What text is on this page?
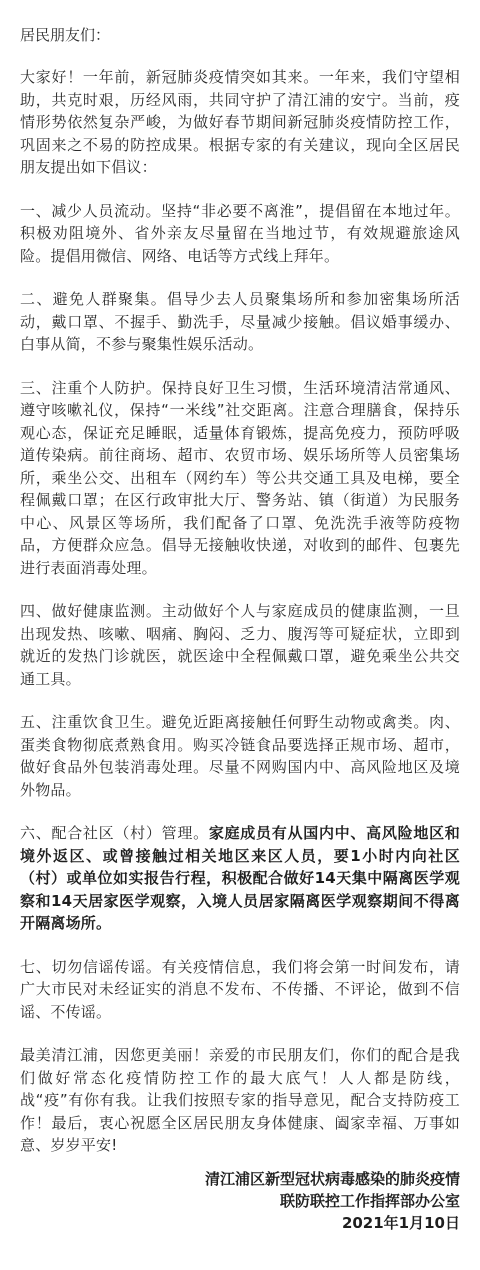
居民朋友们：

大家好！一年前，新冠肺炎疫情突如其来。一年来，我们守望相助，共克时艰，历经风雨，共同守护了清江浦的安宁。当前，疫情形势依然复杂严峻，为做好春节期间新冠肺炎疫情防控工作，巩固来之不易的防控成果。根据专家的有关建议，现向全区居民朋友提出如下倡议：

一、减少人员流动。坚持“非必要不离淮”，提倡留在本地过年。积极劝阻境外、省外亲友尽量留在当地过节，有效规避旅途风险。提倡用微信、网络、电话等方式线上拜年。

二、避免人群聚集。倡导少去人员聚集场所和参加密集场所活动，戴口罩、不握手、勤洗手，尽量减少接触。倡议婚事缓办、白事从简，不参与聚集性娱乐活动。

三、注重个人防护。保持良好卫生习惯，生活环境清洁常通风、遵守咳嗽礼仪，保持“一米线”社交距离。注意合理膳食，保持乐观心态，保证充足睡眠，适量体育锻炼，提高免疫力，预防呼吸道传染病。前往商场、超市、农贸市场、娱乐场所等人员密集场所，乘坐公交、出租车（网约车）等公共交通工具及电梯，要全程佩戴口罩；在区行政审批大厅、警务站、镇（街道）为民服务中心、风景区等场所，我们配备了口罩、免洗洗手液等防疫物品，方便群众应急。倡导无接触收快递，对收到的邮件、包裹先进行表面消毒处理。

四、做好健康监测。主动做好个人与家庭成员的健康监测，一旦出现发热、咳嗽、咽痛、胸闷、乏力、腹泻等可疑症状，立即到就近的发热门诊就医，就医途中全程佩戴口罩，避免乘坐公共交通工具。

五、注重饮食卫生。避免近距离接触任何野生动物或禽类。肉、蛋类食物彻底煮熟食用。购买冷链食品要选择正规市场、超市，做好食品外包装消毒处理。尽量不网购国内中、高风险地区及境外物品。

六、配合社区（村）管理。家庭成员有从国内中、高风险地区和境外返区、或曾接触过相关地区来区人员，要1小时内向社区（村）或单位如实报告行程，积极配合做好14天集中隔离医学观察和14天居家医学观察，入境人员居家隔离医学观察期间不得离开隔离场所。

七、切勿信谣传谣。有关疫情信息，我们将会第一时间发布，请广大市民对未经证实的消息不发布、不传播、不评论，做到不信谣、不传谣。

最美清江浦，因您更美丽！亲爱的市民朋友们，你们的配合是我们做好常态化疫情防控工作的最大底气！人人都是防线，战“疫”有你有我。让我们按照专家的指导意见，配合支持防疫工作！最后，衷心祝愿全区居民朋友身体健康、阖家幸福、万事如意、岁岁平安!

清江浦区新型冠状病毒感染的肺炎疫情
联防联控工作指挥部办公室
2021年1月10日
